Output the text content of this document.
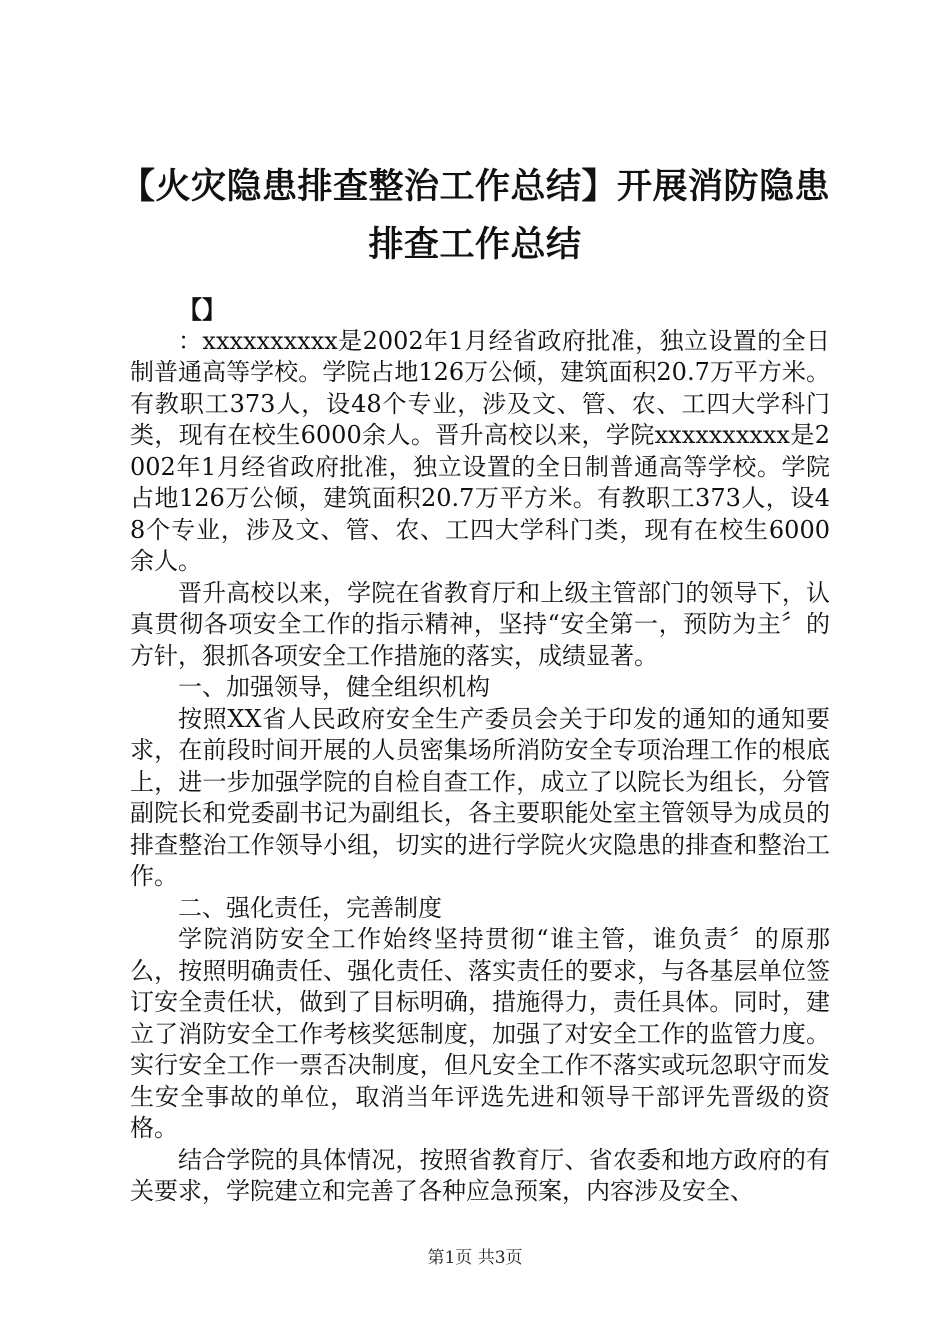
【火灾隐患排查整治工作总结】开展消防隐患
排查工作总结

【】

：xxxxxxxxxx是2002年1月经省政府批准，独立设置的全日制普通高等学校。学院占地126万公倾，建筑面积20.7万平方米。有教职工373人，设48个专业，涉及文、管、农、工四大学科门类，现有在校生6000余人。晋升高校以来，学院xxxxxxxxxx是2002年1月经省政府批准，独立设置的全日制普通高等学校。学院占地126万公倾，建筑面积20.7万平方米。有教职工373人，设48个专业，涉及文、管、农、工四大学科门类，现有在校生6000余人。

晋升高校以来，学院在省教育厅和上级主管部门的领导下，认真贯彻各项安全工作的指示精神，坚持“安全第一，预防为主〞的方针，狠抓各项安全工作措施的落实，成绩显著。

一、加强领导，健全组织机构

按照XX省人民政府安全生产委员会关于印发的通知的通知要求，在前段时间开展的人员密集场所消防安全专项治理工作的根底上，进一步加强学院的自检自查工作，成立了以院长为组长，分管副院长和党委副书记为副组长，各主要职能处室主管领导为成员的排查整治工作领导小组，切实的进行学院火灾隐患的排查和整治工作。

二、强化责任，完善制度

学院消防安全工作始终坚持贯彻“谁主管，谁负责〞的原那么，按照明确责任、强化责任、落实责任的要求，与各基层单位签订安全责任状，做到了目标明确，措施得力，责任具体。同时，建立了消防安全工作考核奖惩制度，加强了对安全工作的监管力度。实行安全工作一票否决制度，但凡安全工作不落实或玩忽职守而发生安全事故的单位，取消当年评选先进和领导干部评先晋级的资格。

结合学院的具体情况，按照省教育厅、省农委和地方政府的有关要求，学院建立和完善了各种应急预案，内容涉及安全、

第1页 共3页
